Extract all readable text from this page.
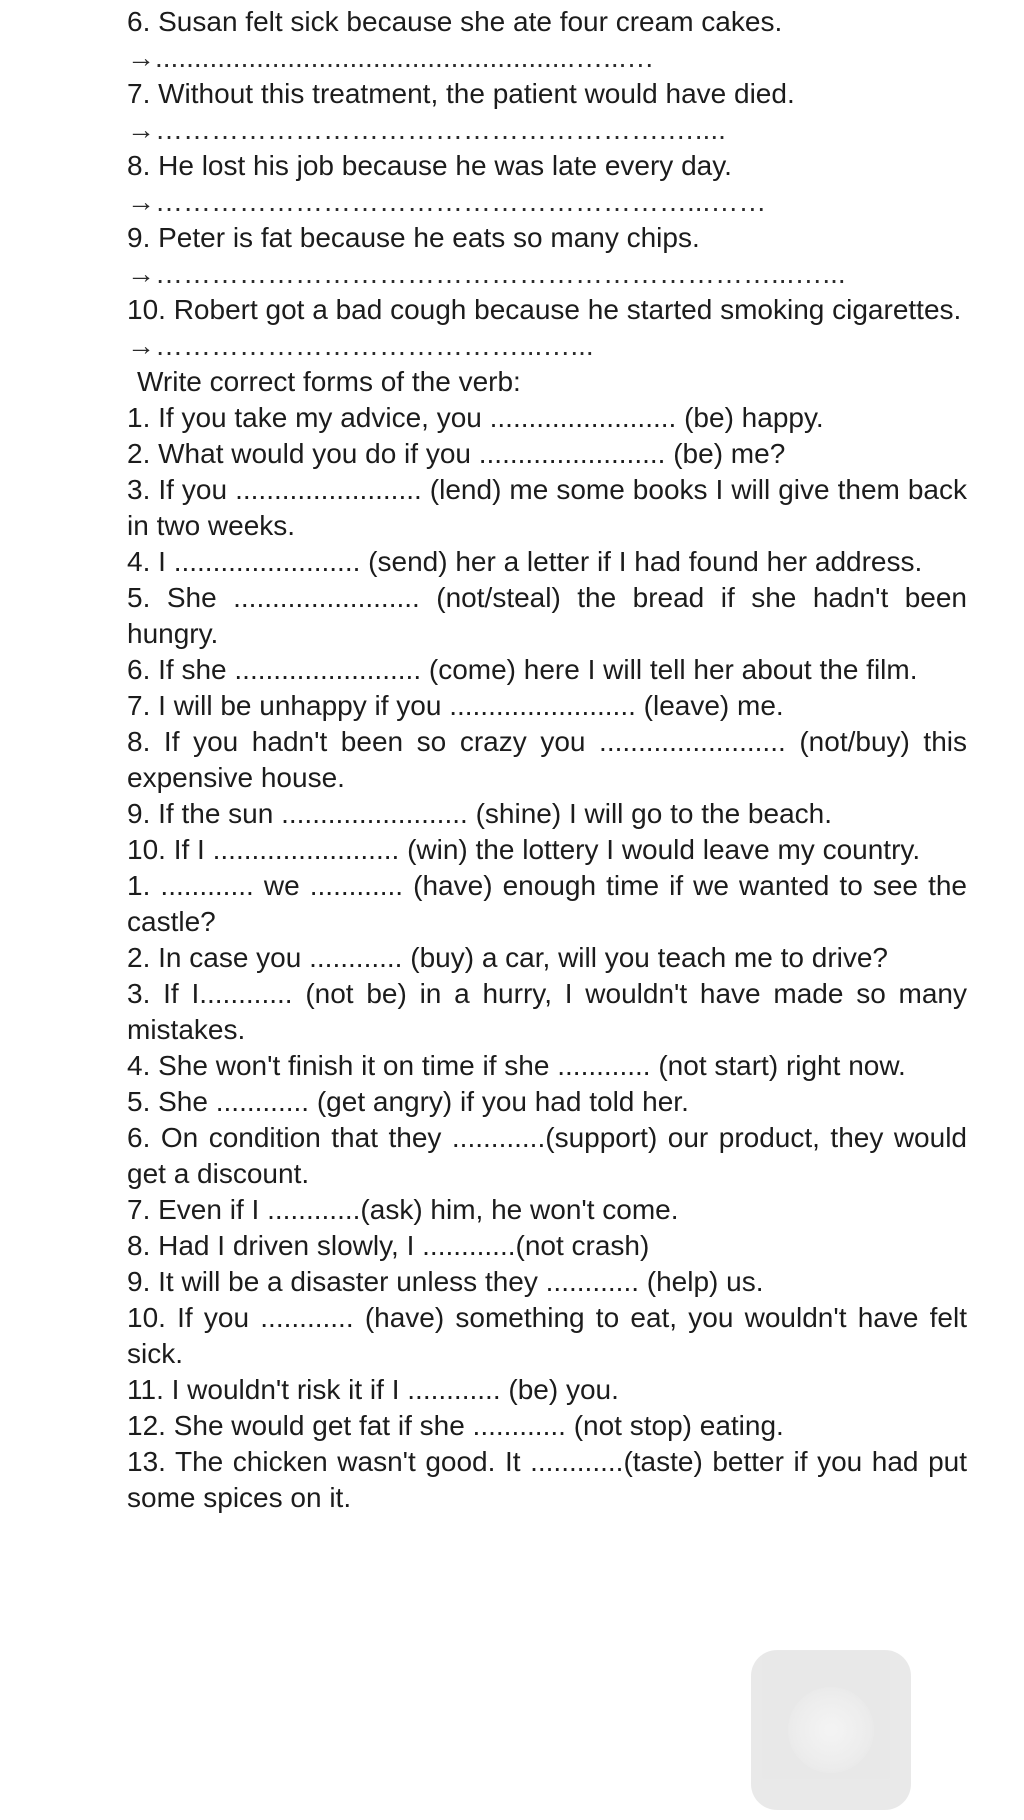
6. Susan felt sick because she ate four cream cakes.

→......................................................…...…

7. Without this treatment, the patient would have died.

→……………………………………………….…....

8. He lost his job because he was late every day.

→…………………………………………………...……

9. Peter is fat because he eats so many chips.

→…………………………………………………………...…...

10. Robert got a bad cough because he started smoking cigarettes.

→…………………………………...…...

Write correct forms of the verb:

1. If you take my advice, you ........................ (be) happy.

2. What would you do if you ........................ (be) me?

3. If you ........................ (lend) me some books I will give them back in two weeks.

4. I ........................ (send) her a letter if I had found her address.

5. She ........................ (not/steal) the bread if she hadn't been hungry.

6. If she ........................ (come) here I will tell her about the film.

7. I will be unhappy if you ........................ (leave) me.

8. If you hadn't been so crazy you ........................ (not/buy) this expensive house.

9. If the sun ........................ (shine) I will go to the beach.

10. If I ........................ (win) the lottery I would leave my country.

1. ............ we ............ (have) enough time if we wanted to see the castle?

2. In case you ............ (buy) a car, will you teach me to drive?

3. If I............ (not be) in a hurry, I wouldn't have made so many mistakes.

4. She won't finish it on time if she ............ (not start) right now.

5. She ............ (get angry) if you had told her.

6. On condition that they ............(support) our product, they would get a discount.

7. Even if I ............(ask) him, he won't come.

8. Had I driven slowly, I ............(not crash)

9. It will be a disaster unless they ............ (help) us.

10. If you ............ (have) something to eat, you wouldn't have felt sick.

11. I wouldn't risk it if I ............ (be) you.

12. She would get fat if she ............ (not stop) eating.

13. The chicken wasn't good. It ............(taste) better if you had put some spices on it.
